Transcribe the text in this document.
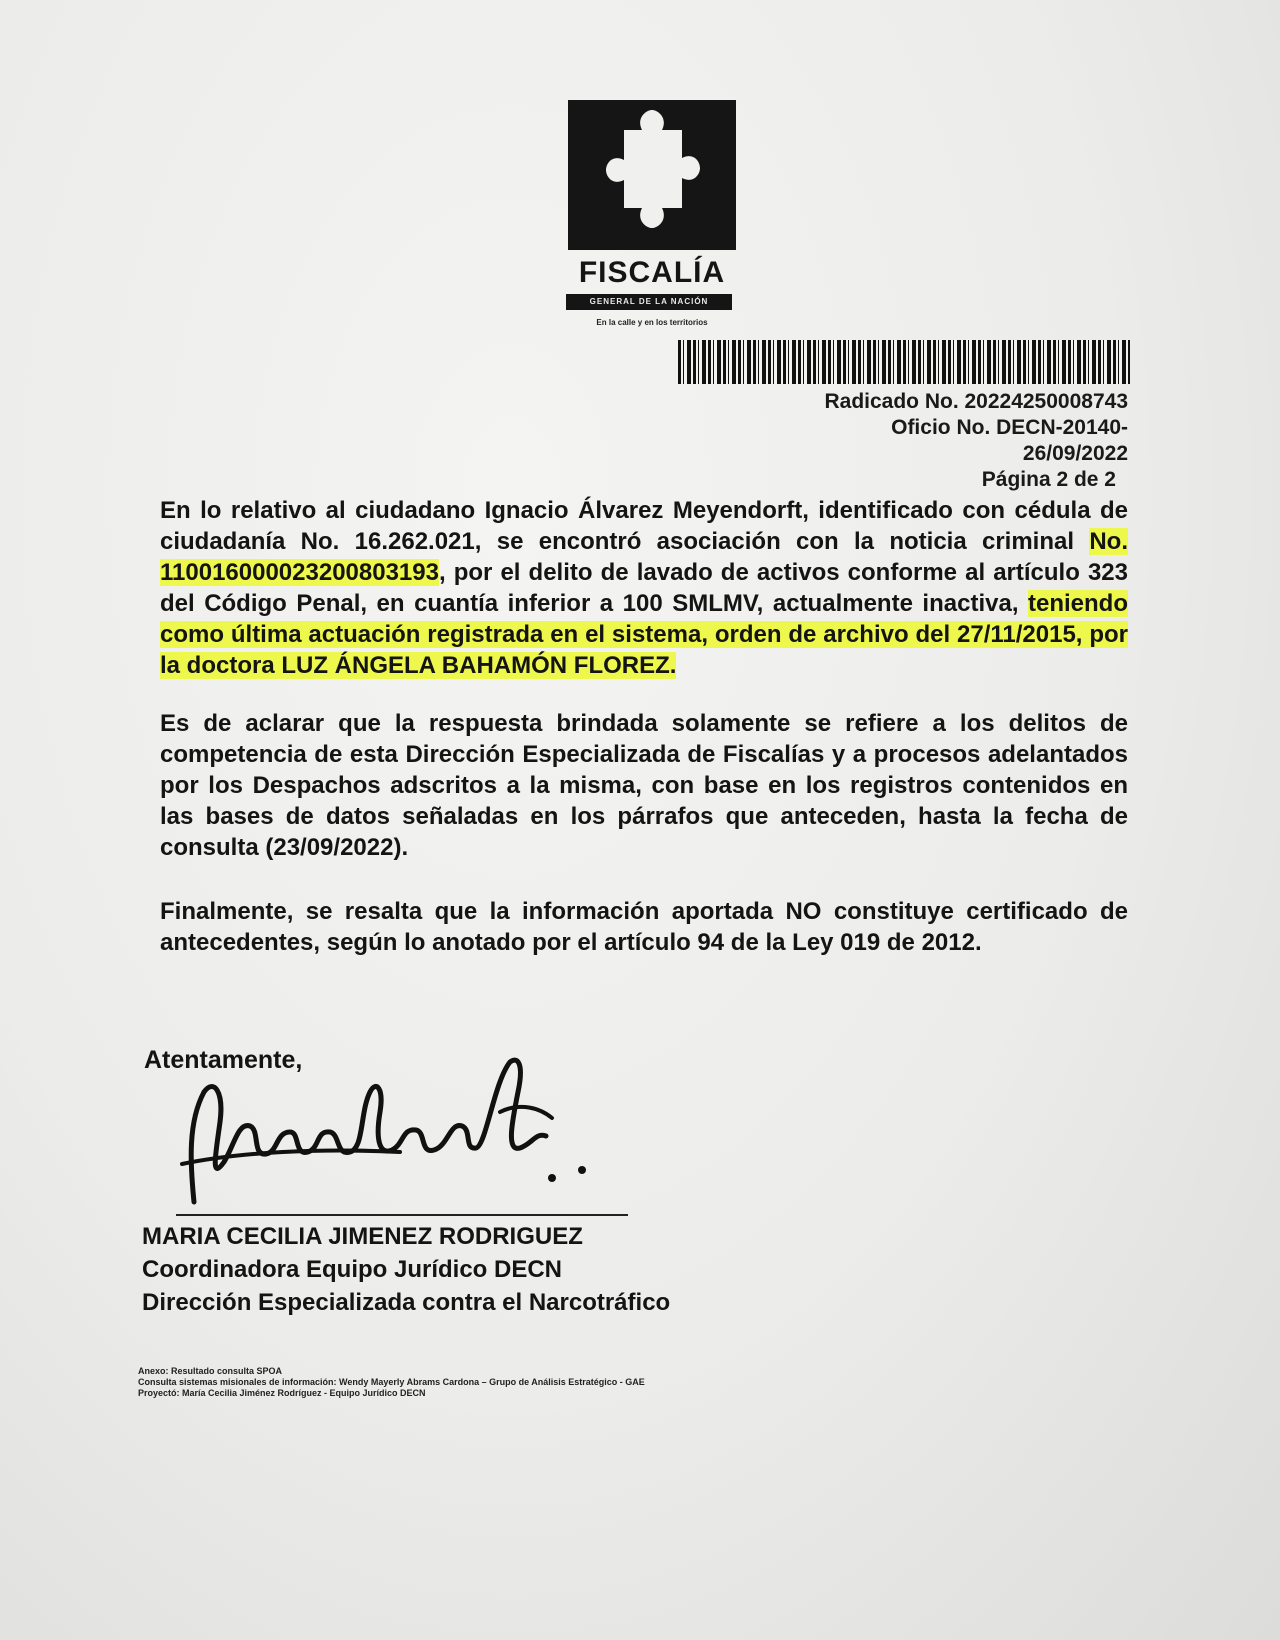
FISCALÍA
GENERAL DE LA NACIÓN
En la calle y en los territorios
Radicado No. 20224250008743
Oficio No. DECN-20140-
26/09/2022
Página 2 de 2
En lo relativo al ciudadano Ignacio Álvarez Meyendorft, identificado con cédula de ciudadanía No. 16.262.021, se encontró asociación con la noticia criminal No. 110016000023200803193, por el delito de lavado de activos conforme al artículo 323 del Código Penal, en cuantía inferior a 100 SMLMV, actualmente inactiva, teniendo como última actuación registrada en el sistema, orden de archivo del 27/11/2015, por la doctora LUZ ÁNGELA BAHAMÓN FLOREZ.
Es de aclarar que la respuesta brindada solamente se refiere a los delitos de competencia de esta Dirección Especializada de Fiscalías y a procesos adelantados por los Despachos adscritos a la misma, con base en los registros contenidos en las bases de datos señaladas en los párrafos que anteceden, hasta la fecha de consulta (23/09/2022).
Finalmente, se resalta que la información aportada NO constituye certificado de antecedentes, según lo anotado por el artículo 94 de la Ley 019 de 2012.
Atentamente,
MARIA CECILIA JIMENEZ RODRIGUEZ
Coordinadora Equipo Jurídico DECN
Dirección Especializada contra el Narcotráfico
Anexo: Resultado consulta SPOA
Consulta sistemas misionales de información: Wendy Mayerly Abrams Cardona – Grupo de Análisis Estratégico - GAE
Proyectó: María Cecilia Jiménez Rodríguez - Equipo Jurídico DECN
